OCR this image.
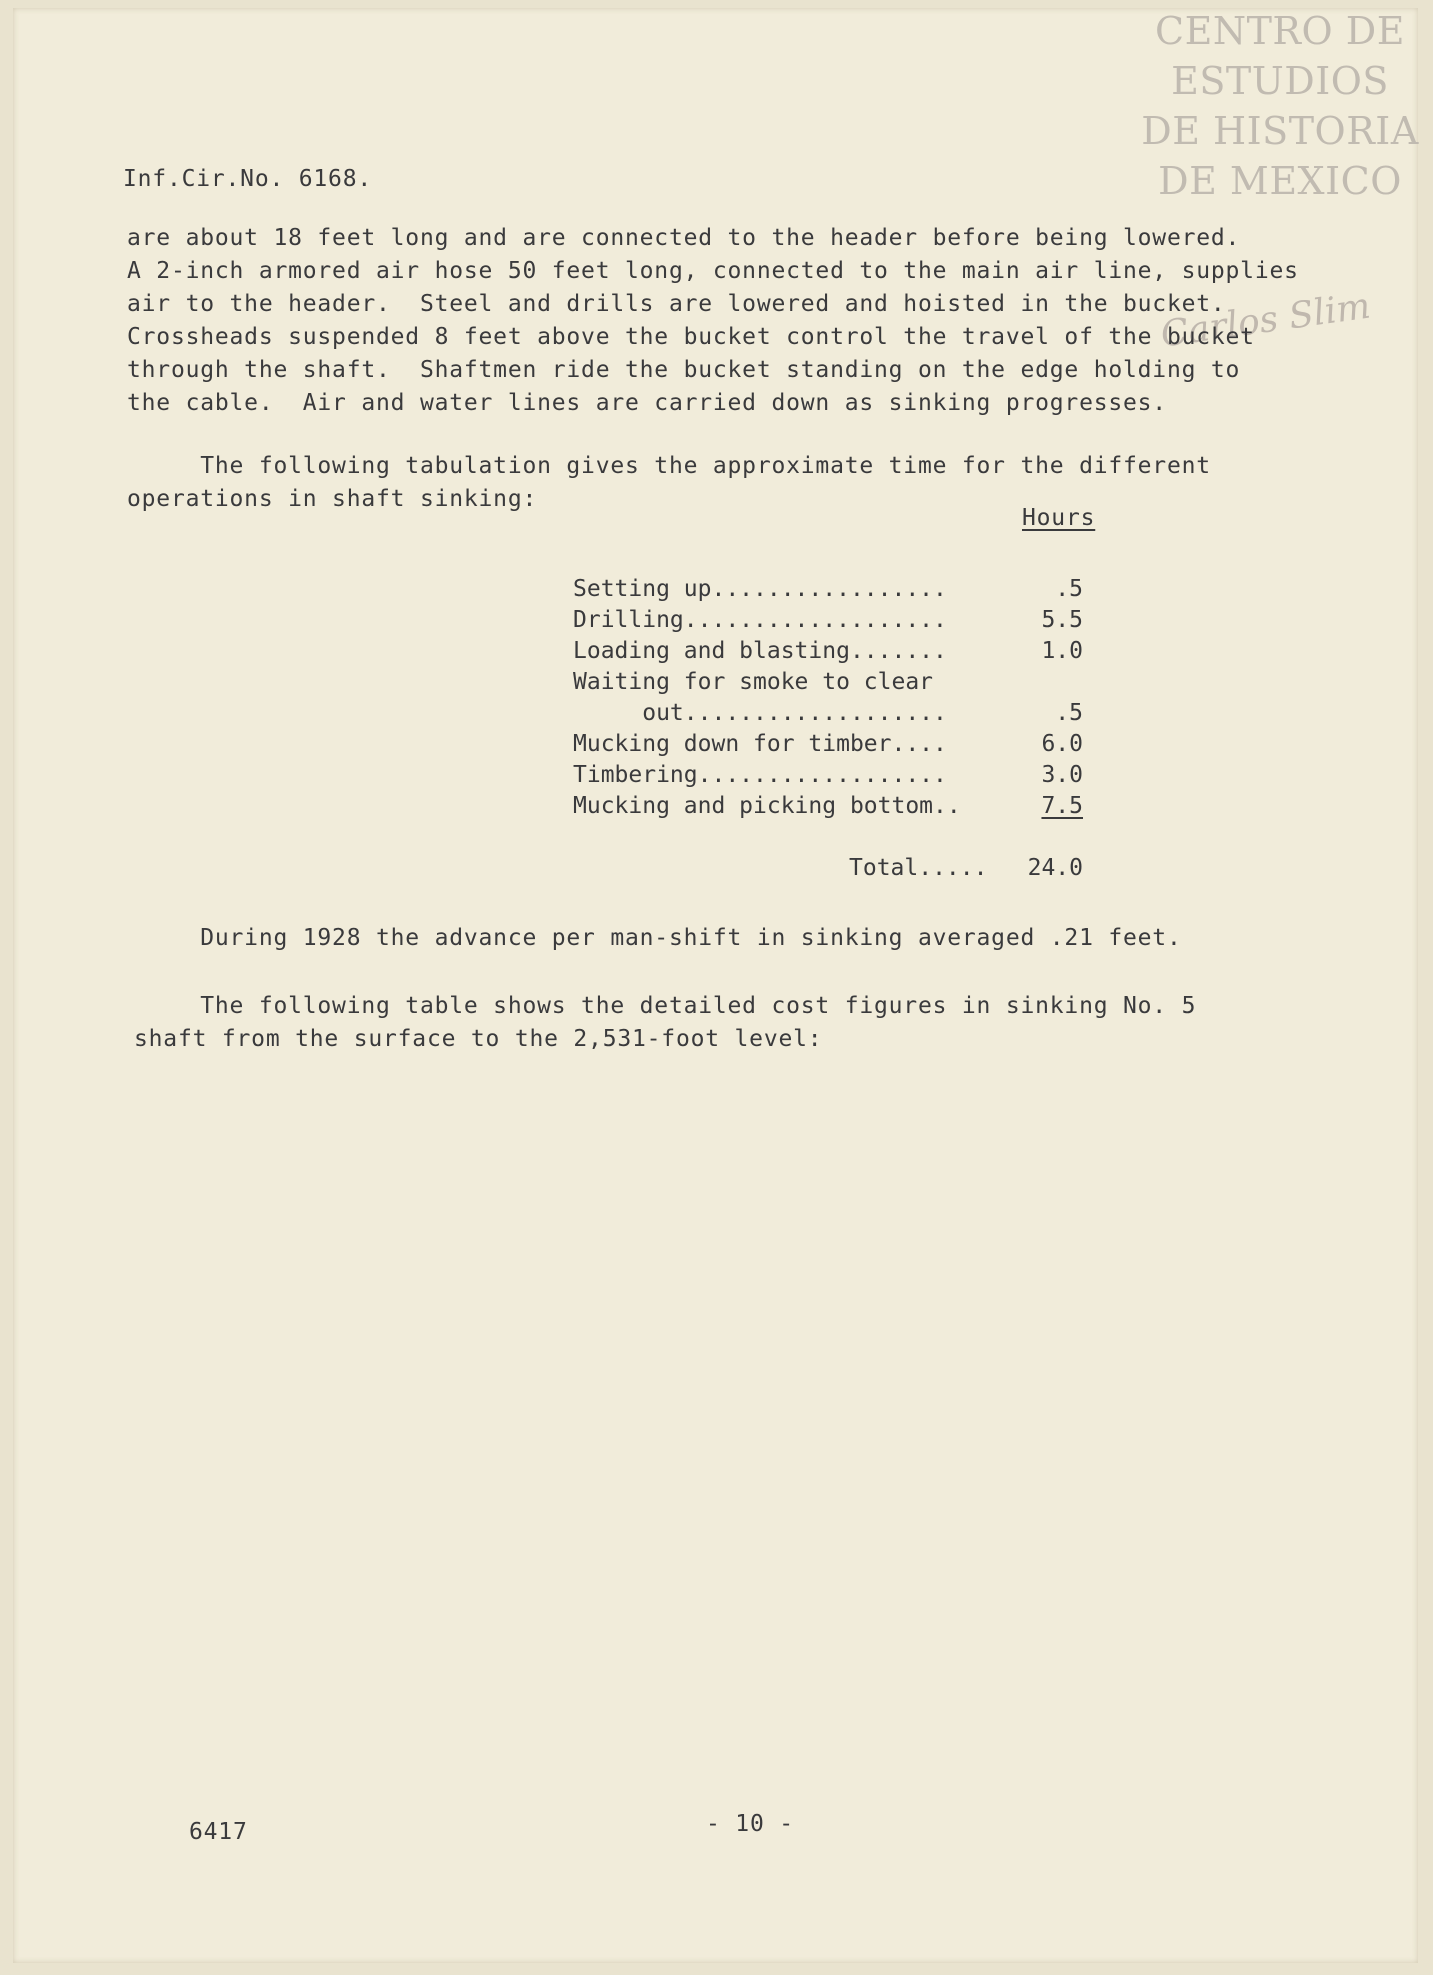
CENTRO DE
ESTUDIOS
DE HISTORIA
DE MEXICO
Carlos Slim
Inf.Cir.No. 6168.
are about 18 feet long and are connected to the header before being lowered.
A 2-inch armored air hose 50 feet long, connected to the main air line, supplies
air to the header.  Steel and drills are lowered and hoisted in the bucket.
Crossheads suspended 8 feet above the bucket control the travel of the bucket
through the shaft.  Shaftmen ride the bucket standing on the edge holding to
the cable.  Air and water lines are carried down as sinking progresses.
The following tabulation gives the approximate time for the different
operations in shaft sinking:
Hours
Setting up.................	.5
Drilling...................	5.5
Loading and blasting.......	1.0
Waiting for smoke to clear
out...................	.5
Mucking down for timber....	6.0
Timbering..................	3.0
Mucking and picking bottom..	7.5
Total..... 24.0
During 1928 the advance per man-shift in sinking averaged .21 feet.
The following table shows the detailed cost figures in sinking No. 5
shaft from the surface to the 2,531-foot level:
6417	- 10 -
